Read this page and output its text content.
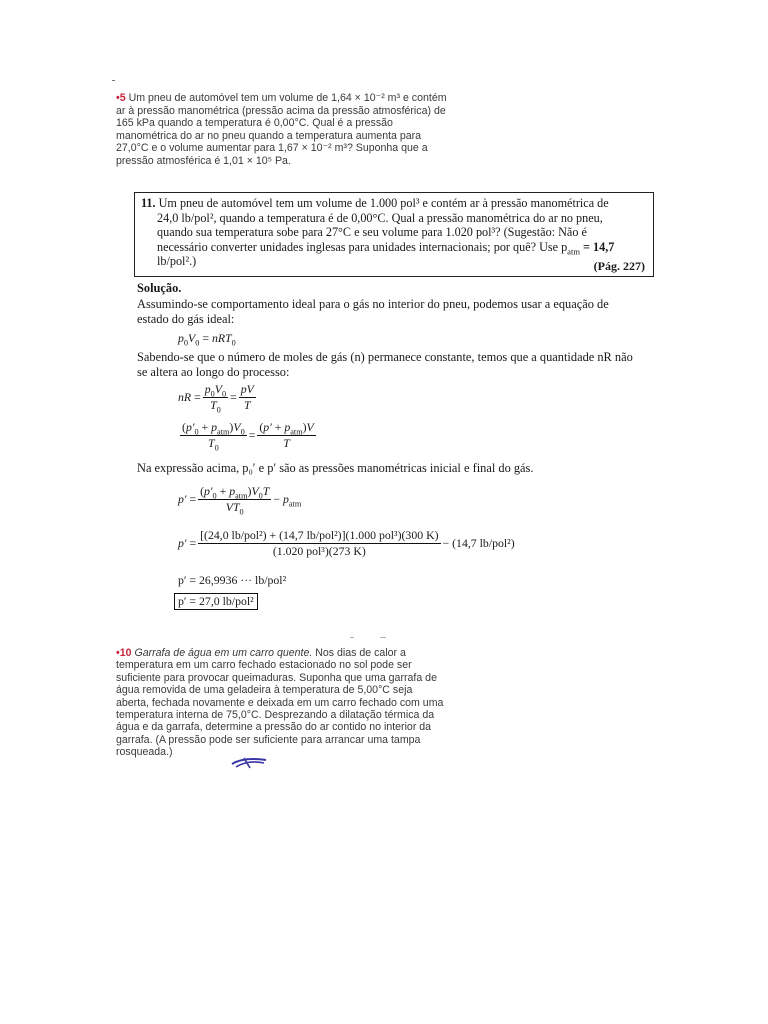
•5 Um pneu de automóvel tem um volume de 1,64 × 10⁻² m³ e contém ar à pressão manométrica (pressão acima da pressão atmosférica) de 165 kPa quando a temperatura é 0,00°C. Qual é a pressão manométrica do ar no pneu quando a temperatura aumenta para 27,0°C e o volume aumentar para 1,67 × 10⁻² m³? Suponha que a pressão atmosférica é 1,01 × 10⁵ Pa.
11. Um pneu de automóvel tem um volume de 1.000 pol³ e contém ar à pressão manométrica de
24,0 lb/pol², quando a temperatura é de 0,00°C. Qual a pressão manométrica do ar no pneu,
quando sua temperatura sobe para 27°C e seu volume para 1.020 pol³? (Sugestão: Não é
necessário converter unidades inglesas para unidades internacionais; por quê? Use $p_{atm} = 14,7$
lb/pol².)	(Pág. 227)
Solução.
Assumindo-se comportamento ideal para o gás no interior do pneu, podemos usar a equação de
estado do gás ideal:
$p_0V_0 = nRT_0$
Sabendo-se que o número de moles de gás (n) permanece constante, temos que a quantidade nR não
se altera ao longo do processo:
nR = $\frac{p_0V_0}{T_0} = \frac{pV}{T}$
$\frac{(p'_0 + p_{atm})V_0}{T_0} = \frac{(p' + p_{atm})V}{T}$
Na expressão acima, p₀′ e p′ são as pressões manométricas inicial e final do gás.
$p' = \frac{(p'_0 + p_{atm})V_0T}{VT_0}$ −
$p_{atm}$
$p' = \frac{\text{[(24,0 lb/pol²) + (14,7 lb/pol²)](1.000 pol³)(300 K)}}{\text{(1.020 pol³)(273 K)}} - (14,7$ lb/pol²)
p′ = 26,9936 ··· lb/pol²
p′ = 27,0 lb/pol²
•10 Garrafa de água em um carro quente. Nos dias de calor a temperatura em um carro fechado estacionado no sol pode ser suficiente para provocar queimaduras. Suponha que uma garrafa de água removida de uma geladeira à temperatura de 5,00°C seja aberta, fechada novamente e deixada em um carro fechado com uma temperatura interna de 75,0°C. Desprezando a dilatação térmica da água e da garrafa, determine a pressão do ar contido no interior da garrafa. (A pressão pode ser suficiente para arrancar uma tampa rosqueada.)
